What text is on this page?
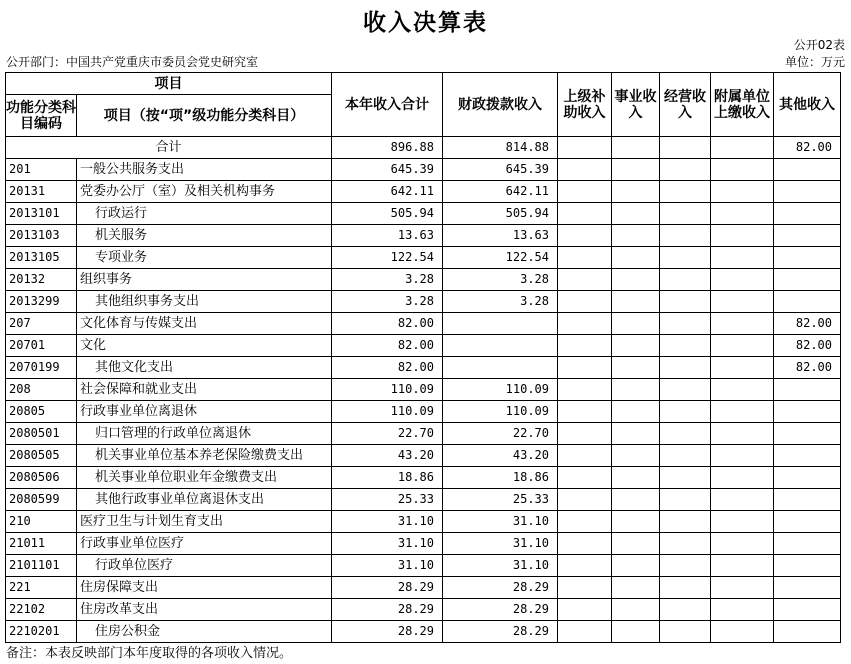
收入决算表
公开02表
公开部门：中国共产党重庆市委员会党史研究室	单位：万元
项目		本年收入合计	财政拨款收入	上级补助收入	事业收入	经营收入	附属单位上缴收入	其他收入
功能分类科目编码	项目（按“项”级功能分类科目）							
合计		896.88	814.88					82.00
201	一般公共服务支出	645.39	645.39					
20131	党委办公厅（室）及相关机构事务	642.11	642.11					
2013101	行政运行	505.94	505.94					
2013103	机关服务	13.63	13.63					
2013105	专项业务	122.54	122.54					
20132	组织事务	3.28	3.28					
2013299	其他组织事务支出	3.28	3.28					
207	文化体育与传媒支出	82.00						82.00
20701	文化	82.00						82.00
2070199	其他文化支出	82.00						82.00
208	社会保障和就业支出	110.09	110.09					
20805	行政事业单位离退休	110.09	110.09					
2080501	归口管理的行政单位离退休	22.70	22.70					
2080505	机关事业单位基本养老保险缴费支出	43.20	43.20					
2080506	机关事业单位职业年金缴费支出	18.86	18.86					
2080599	其他行政事业单位离退休支出	25.33	25.33					
210	医疗卫生与计划生育支出	31.10	31.10					
21011	行政事业单位医疗	31.10	31.10					
2101101	行政单位医疗	31.10	31.10					
221	住房保障支出	28.29	28.29					
22102	住房改革支出	28.29	28.29					
2210201	住房公积金	28.29	28.29					
备注：本表反映部门本年度取得的各项收入情况。
